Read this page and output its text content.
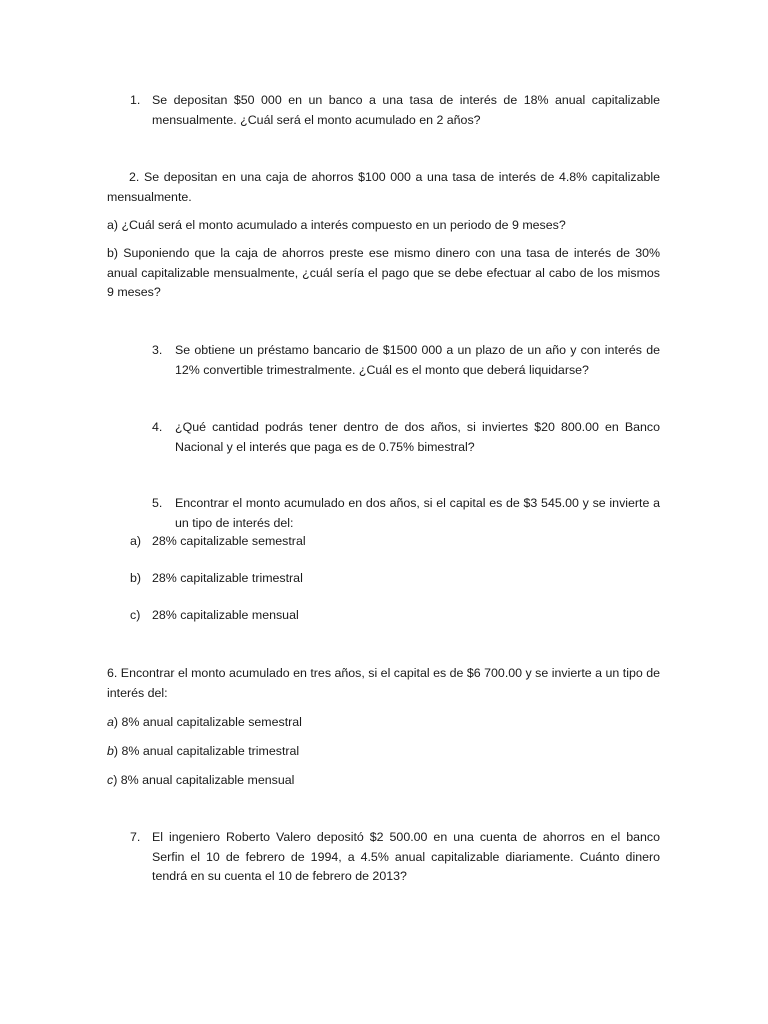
1. Se depositan $50 000 en un banco a una tasa de interés de 18% anual capitalizable mensualmente. ¿Cuál será el monto acumulado en 2 años?

2. Se depositan en una caja de ahorros $100 000 a una tasa de interés de 4.8% capitalizable mensualmente.

a) ¿Cuál será el monto acumulado a interés compuesto en un periodo de 9 meses?

b) Suponiendo que la caja de ahorros preste ese mismo dinero con una tasa de interés de 30% anual capitalizable mensualmente, ¿cuál sería el pago que se debe efectuar al cabo de los mismos 9 meses?

3. Se obtiene un préstamo bancario de $1500 000 a un plazo de un año y con interés de 12% convertible trimestralmente. ¿Cuál es el monto que deberá liquidarse?

4. ¿Qué cantidad podrás tener dentro de dos años, si inviertes $20 800.00 en Banco Nacional y el interés que paga es de 0.75% bimestral?

5. Encontrar el monto acumulado en dos años, si el capital es de $3 545.00 y se invierte a un tipo de interés del:

a) 28% capitalizable semestral
b) 28% capitalizable trimestral
c) 28% capitalizable mensual

6. Encontrar el monto acumulado en tres años, si el capital es de $6 700.00 y se invierte a un tipo de interés del:

a) 8% anual capitalizable semestral
b) 8% anual capitalizable trimestral
c) 8% anual capitalizable mensual
7. El ingeniero Roberto Valero depositó $2 500.00 en una cuenta de ahorros en el banco Serfin el 10 de febrero de 1994, a 4.5% anual capitalizable diariamente. Cuánto dinero tendrá en su cuenta el 10 de febrero de 2013?
